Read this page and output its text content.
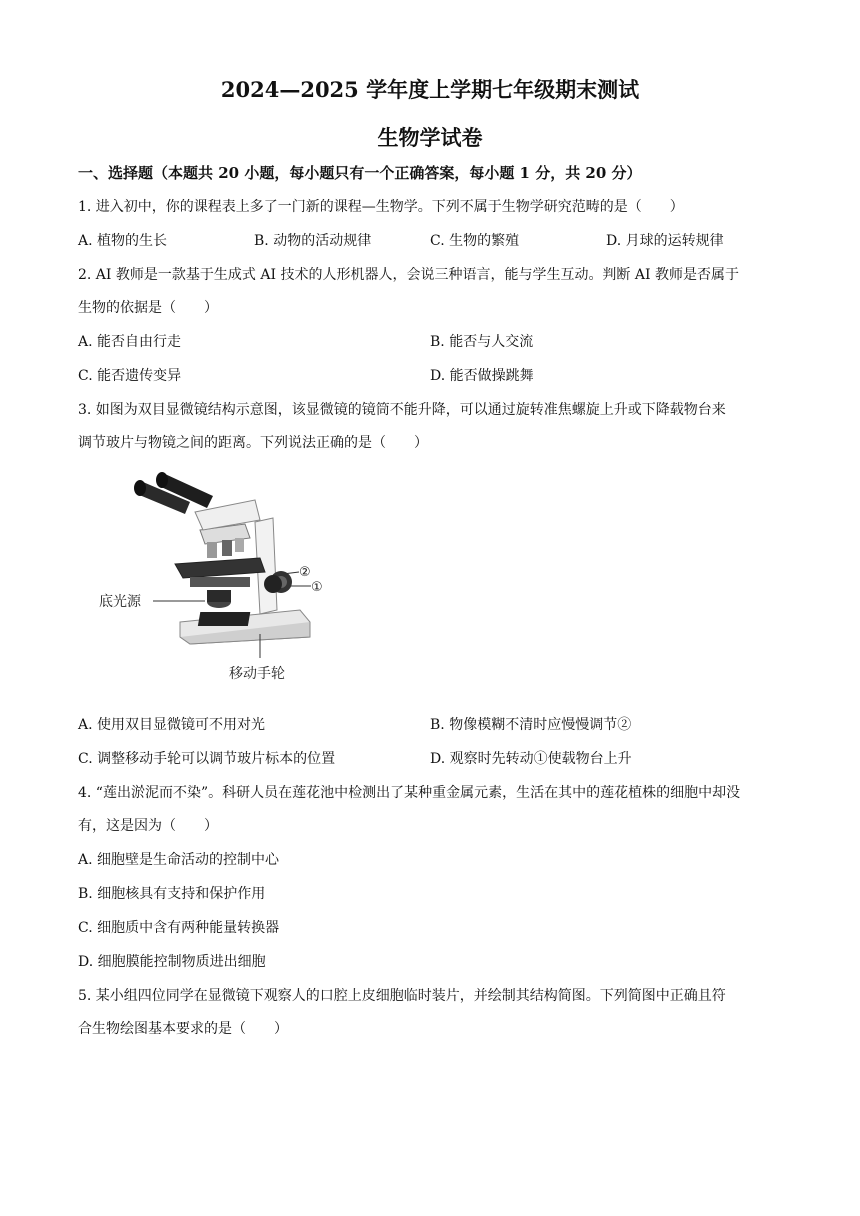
2024—2025 学年度上学期七年级期末测试
生物学试卷
一、选择题（本题共 20 小题，每小题只有一个正确答案，每小题 1 分，共 20 分）
1. 进入初中，你的课程表上多了一门新的课程—生物学。下列不属于生物学研究范畴的是（　　）
A. 植物的生长	B. 动物的活动规律	C. 生物的繁殖	D. 月球的运转规律
2. AI 教师是一款基于生成式 AI 技术的人形机器人，会说三种语言，能与学生互动。判断 AI 教师是否属于
生物的依据是（　　）
A. 能否自由行走	B. 能否与人交流
C. 能否遗传变异	D. 能否做操跳舞
3. 如图为双目显微镜结构示意图，该显微镜的镜筒不能升降，可以通过旋转准焦螺旋上升或下降载物台来
调节玻片与物镜之间的距离。下列说法正确的是（　　）
②
①
底光源
移动手轮
A. 使用双目显微镜可不用对光	B. 物像模糊不清时应慢慢调节②
C. 调整移动手轮可以调节玻片标本的位置	D. 观察时先转动①使载物台上升
4. “莲出淤泥而不染”。科研人员在莲花池中检测出了某种重金属元素，生活在其中的莲花植株的细胞中却没
有，这是因为（　　）
A. 细胞壁是生命活动的控制中心
B. 细胞核具有支持和保护作用
C. 细胞质中含有两种能量转换器
D. 细胞膜能控制物质进出细胞
5. 某小组四位同学在显微镜下观察人的口腔上皮细胞临时装片，并绘制其结构简图。下列简图中正确且符
合生物绘图基本要求的是（　　）
